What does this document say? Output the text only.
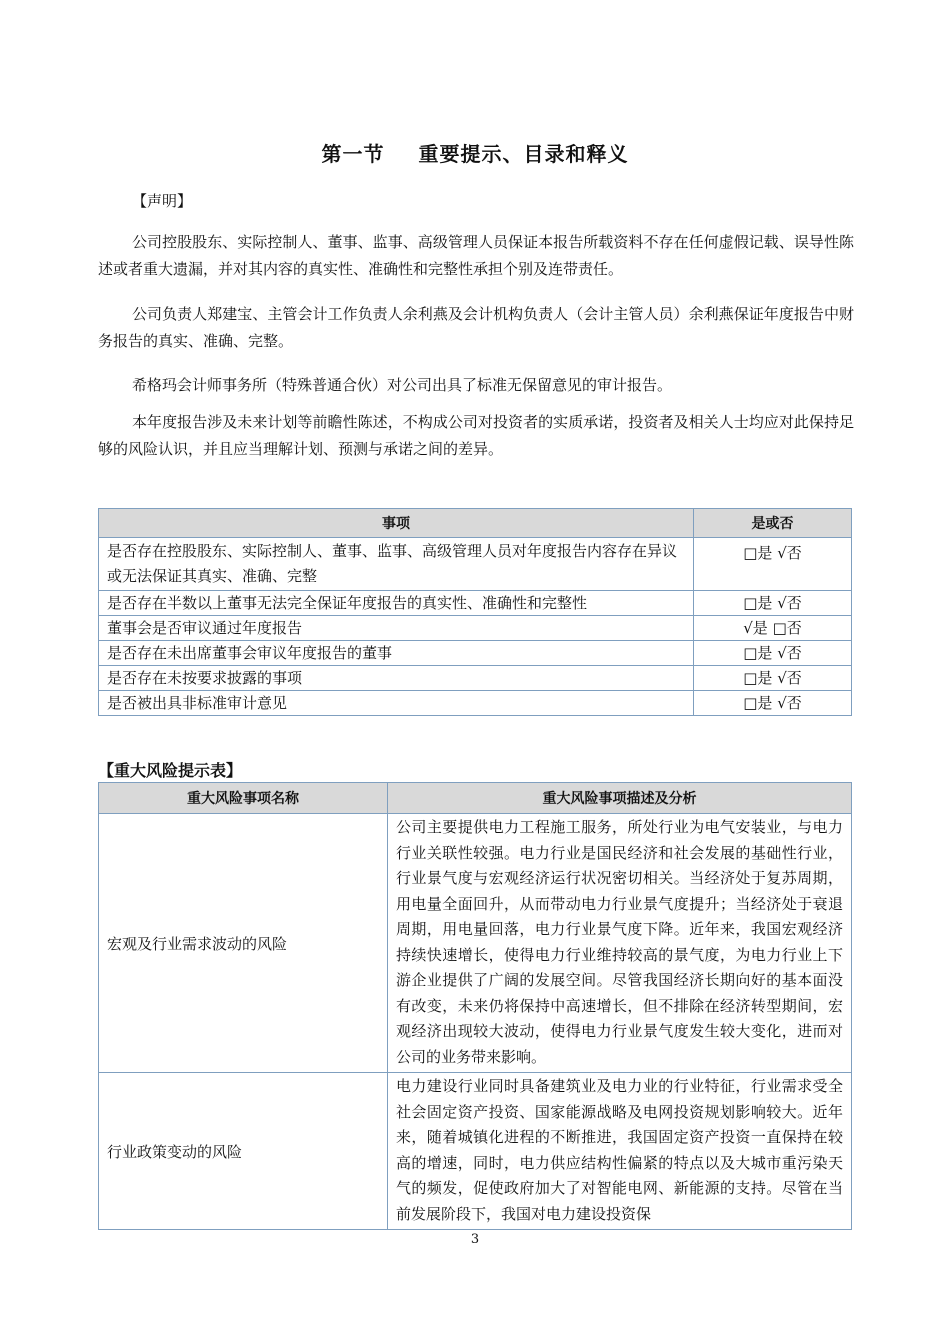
第一节 重要提示、目录和释义
【声明】
公司控股股东、实际控制人、董事、监事、高级管理人员保证本报告所载资料不存在任何虚假记载、误导性陈述或者重大遗漏，并对其内容的真实性、准确性和完整性承担个别及连带责任。
公司负责人郑建宝、主管会计工作负责人余利燕及会计机构负责人（会计主管人员）余利燕保证年度报告中财务报告的真实、准确、完整。
希格玛会计师事务所（特殊普通合伙）对公司出具了标准无保留意见的审计报告。
本年度报告涉及未来计划等前瞻性陈述，不构成公司对投资者的实质承诺，投资者及相关人士均应对此保持足够的风险认识，并且应当理解计划、预测与承诺之间的差异。
事项	是或否
是否存在控股股东、实际控制人、董事、监事、高级管理人员对年度报告内容存在异议或无法保证其真实、准确、完整	□是 √否
是否存在半数以上董事无法完全保证年度报告的真实性、准确性和完整性	□是 √否
董事会是否审议通过年度报告	√是 □否
是否存在未出席董事会审议年度报告的董事	□是 √否
是否存在未按要求披露的事项	□是 √否
是否被出具非标准审计意见	□是 √否
【重大风险提示表】
重大风险事项名称	重大风险事项描述及分析
宏观及行业需求波动的风险	公司主要提供电力工程施工服务，所处行业为电气安装业，与电力行业关联性较强。电力行业是国民经济和社会发展的基础性行业，行业景气度与宏观经济运行状况密切相关。当经济处于复苏周期，用电量全面回升，从而带动电力行业景气度提升；当经济处于衰退周期，用电量回落，电力行业景气度下降。近年来，我国宏观经济持续快速增长，使得电力行业维持较高的景气度，为电力行业上下游企业提供了广阔的发展空间。尽管我国经济长期向好的基本面没有改变，未来仍将保持中高速增长，但不排除在经济转型期间，宏观经济出现较大波动，使得电力行业景气度发生较大变化，进而对公司的业务带来影响。
行业政策变动的风险	电力建设行业同时具备建筑业及电力业的行业特征，行业需求受全社会固定资产投资、国家能源战略及电网投资规划影响较大。近年来，随着城镇化进程的不断推进，我国固定资产投资一直保持在较高的增速，同时，电力供应结构性偏紧的特点以及大城市重污染天气的频发，促使政府加大了对智能电网、新能源的支持。尽管在当前发展阶段下，我国对电力建设投资保
3
